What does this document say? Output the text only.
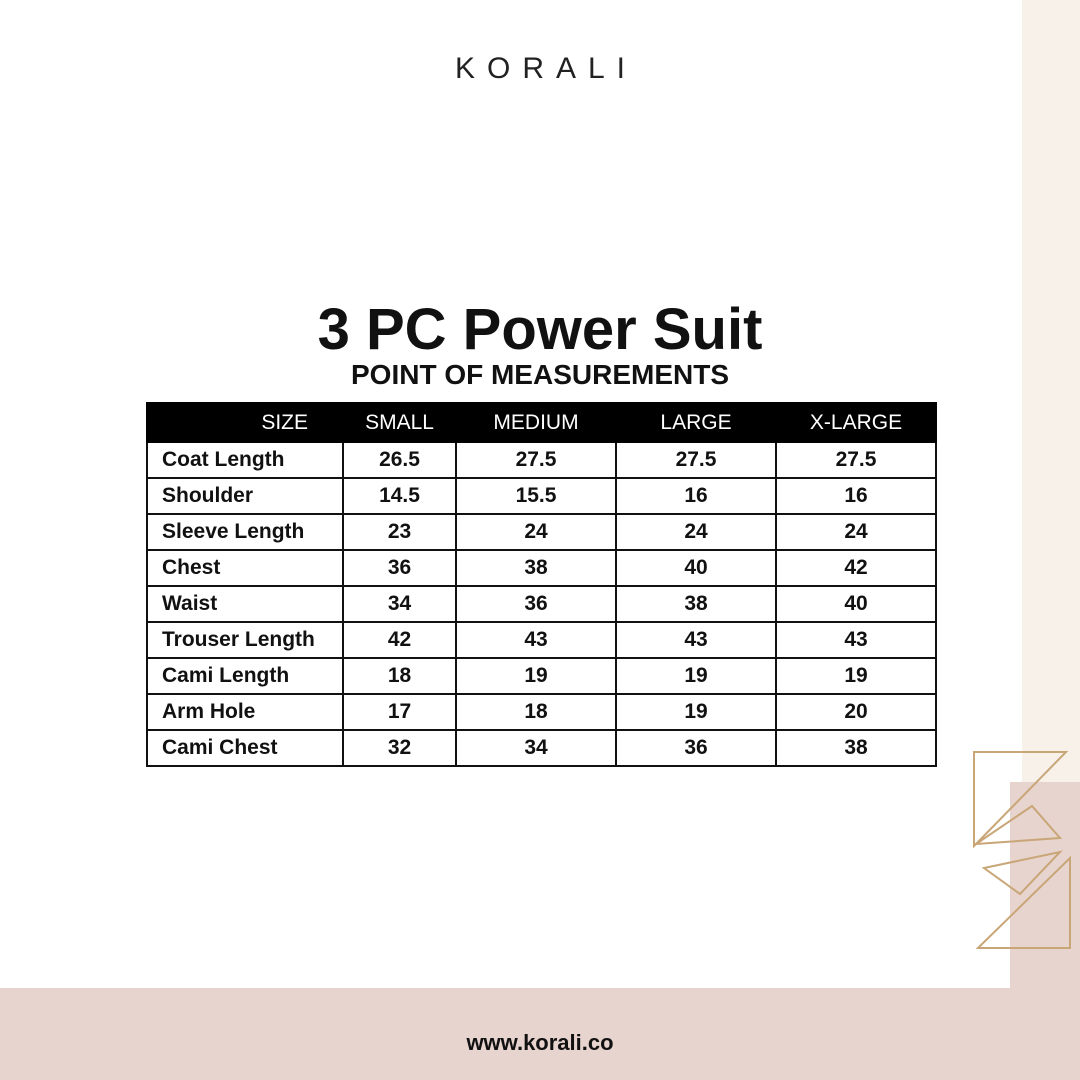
KORALI
3 PC Power Suit
POINT OF MEASUREMENTS
SIZE	SMALL	MEDIUM	LARGE	X-LARGE
Coat Length	26.5	27.5	27.5	27.5
Shoulder	14.5	15.5	16	16
Sleeve Length	23	24	24	24
Chest	36	38	40	42
Waist	34	36	38	40
Trouser Length	42	43	43	43
Cami Length	18	19	19	19
Arm Hole	17	18	19	20
Cami Chest	32	34	36	38
www.korali.co
